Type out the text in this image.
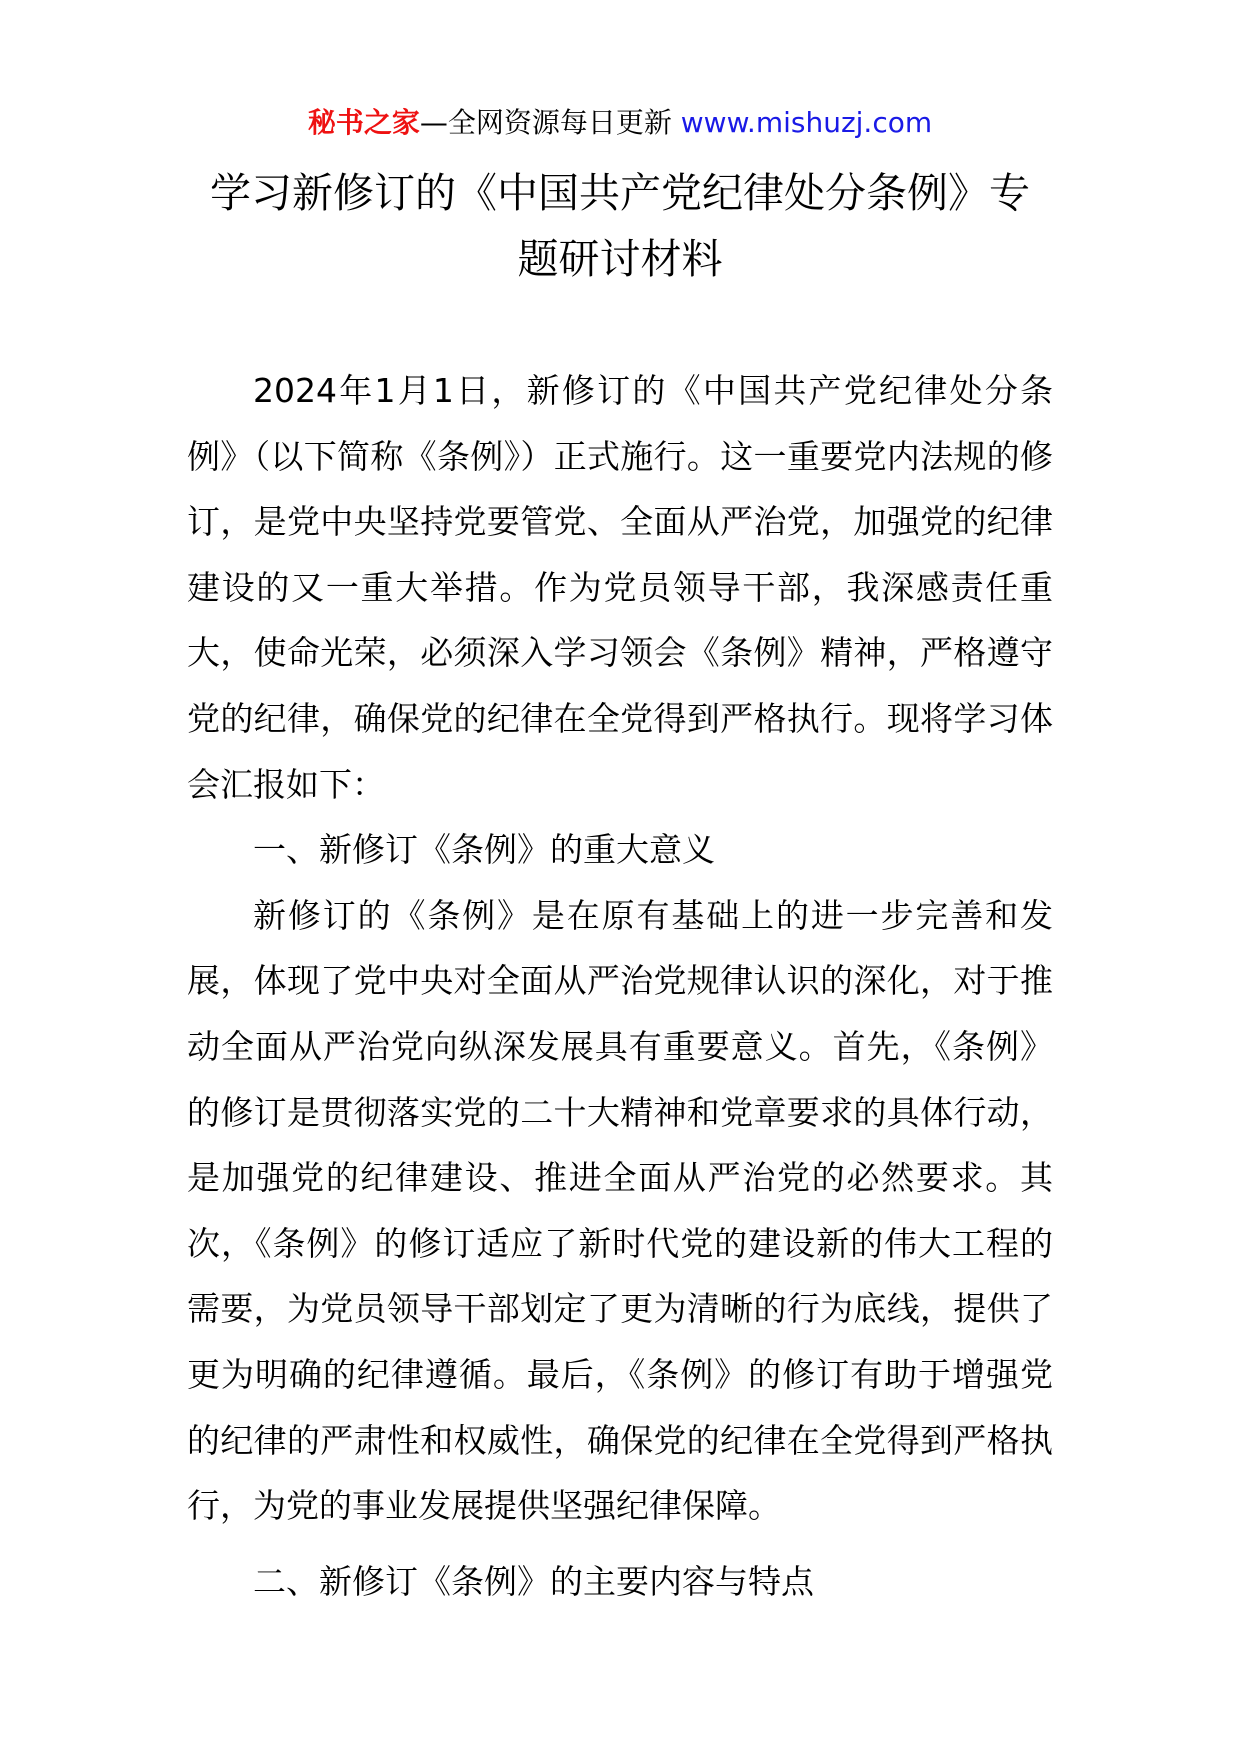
秘书之家—全网资源每日更新 www.mishuzj.com
学习新修订的《中国共产党纪律处分条例》专
题研讨材料

2024年1月1日，新修订的《中国共产党纪律处分条例》（以下简称《条例》）正式施行。这一重要党内法规的修订，是党中央坚持党要管党、全面从严治党，加强党的纪律建设的又一重大举措。作为党员领导干部，我深感责任重大，使命光荣，必须深入学习领会《条例》精神，严格遵守党的纪律，确保党的纪律在全党得到严格执行。现将学习体会汇报如下：

一、新修订《条例》的重大意义

新修订的《条例》是在原有基础上的进一步完善和发展，体现了党中央对全面从严治党规律认识的深化，对于推动全面从严治党向纵深发展具有重要意义。首先，《条例》的修订是贯彻落实党的二十大精神和党章要求的具体行动，是加强党的纪律建设、推进全面从严治党的必然要求。其次，《条例》的修订适应了新时代党的建设新的伟大工程的需要，为党员领导干部划定了更为清晰的行为底线，提供了更为明确的纪律遵循。最后，《条例》的修订有助于增强党的纪律的严肃性和权威性，确保党的纪律在全党得到严格执行，为党的事业发展提供坚强纪律保障。

二、新修订《条例》的主要内容与特点
